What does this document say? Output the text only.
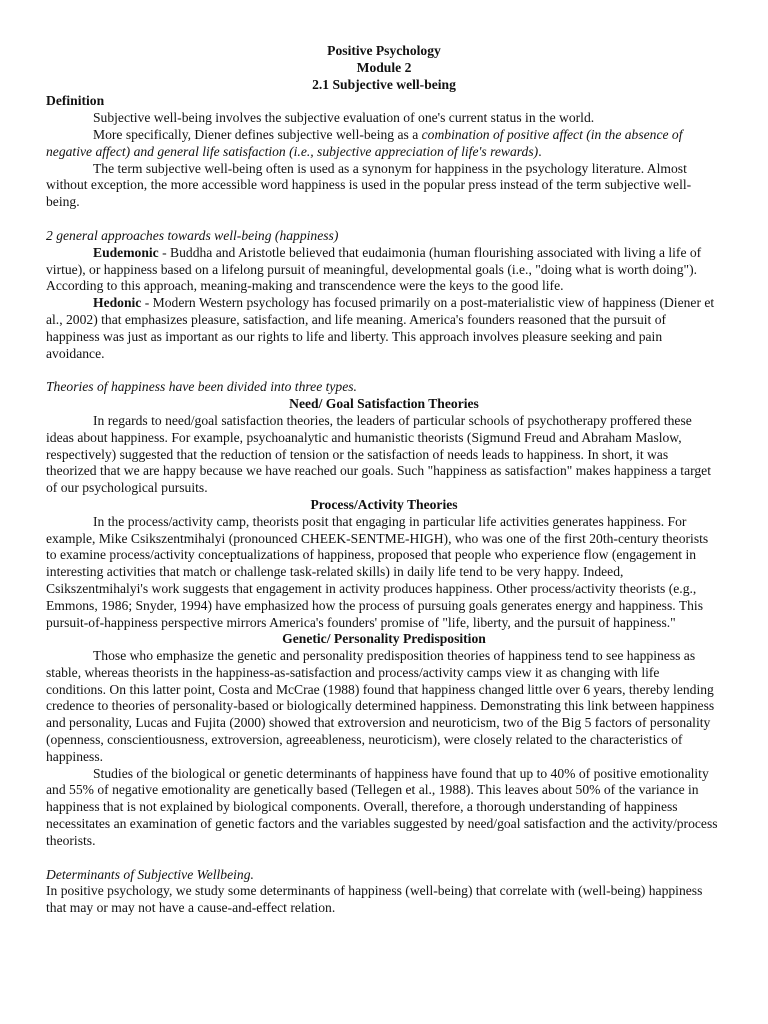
Positive Psychology

Module 2

2.1 Subjective well-being

Definition

Subjective well-being involves the subjective evaluation of one's current status in the world.

More specifically, Diener defines subjective well-being as a combination of positive affect (in the absence of negative affect) and general life satisfaction (i.e., subjective appreciation of life's rewards).

The term subjective well-being often is used as a synonym for happiness in the psychology literature. Almost without exception, the more accessible word happiness is used in the popular press instead of the term subjective well-being.

2 general approaches towards well-being (happiness)

Eudemonic - Buddha and Aristotle believed that eudaimonia (human flourishing associated with living a life of virtue), or happiness based on a lifelong pursuit of meaningful, developmental goals (i.e., "doing what is worth doing"). According to this approach, meaning-making and transcendence were the keys to the good life.

Hedonic - Modern Western psychology has focused primarily on a post-materialistic view of happiness (Diener et al., 2002) that emphasizes pleasure, satisfaction, and life meaning. America's founders reasoned that the pursuit of happiness was just as important as our rights to life and liberty. This approach involves pleasure seeking and pain avoidance.

Theories of happiness have been divided into three types.

Need/ Goal Satisfaction Theories

In regards to need/goal satisfaction theories, the leaders of particular schools of psychotherapy proffered these ideas about happiness. For example, psychoanalytic and humanistic theorists (Sigmund Freud and Abraham Maslow, respectively) suggested that the reduction of tension or the satisfaction of needs leads to happiness. In short, it was theorized that we are happy because we have reached our goals. Such "happiness as satisfaction" makes happiness a target of our psychological pursuits.

Process/Activity Theories

In the process/activity camp, theorists posit that engaging in particular life activities generates happiness. For example, Mike Csikszentmihalyi (pronounced CHEEK-SENTME-HIGH), who was one of the first 20th-century theorists to examine process/activity conceptualizations of happiness, proposed that people who experience flow (engagement in interesting activities that match or challenge task-related skills) in daily life tend to be very happy. Indeed, Csikszentmihalyi's work suggests that engagement in activity produces happiness. Other process/activity theorists (e.g., Emmons, 1986; Snyder, 1994) have emphasized how the process of pursuing goals generates energy and happiness. This pursuit-of-happiness perspective mirrors America's founders' promise of "life, liberty, and the pursuit of happiness."

Genetic/ Personality Predisposition

Those who emphasize the genetic and personality predisposition theories of happiness tend to see happiness as stable, whereas theorists in the happiness-as-satisfaction and process/activity camps view it as changing with life conditions. On this latter point, Costa and McCrae (1988) found that happiness changed little over 6 years, thereby lending credence to theories of personality-based or biologically determined happiness. Demonstrating this link between happiness and personality, Lucas and Fujita (2000) showed that extroversion and neuroticism, two of the Big 5 factors of personality (openness, conscientiousness, extroversion, agreeableness, neuroticism), were closely related to the characteristics of happiness.

Studies of the biological or genetic determinants of happiness have found that up to 40% of positive emotionality and 55% of negative emotionality are genetically based (Tellegen et al., 1988). This leaves about 50% of the variance in happiness that is not explained by biological components. Overall, therefore, a thorough understanding of happiness necessitates an examination of genetic factors and the variables suggested by need/goal satisfaction and the activity/process theorists.

Determinants of Subjective Wellbeing.

In positive psychology, we study some determinants of happiness (well-being) that correlate with (well-being) happiness that may or may not have a cause-and-effect relation.
